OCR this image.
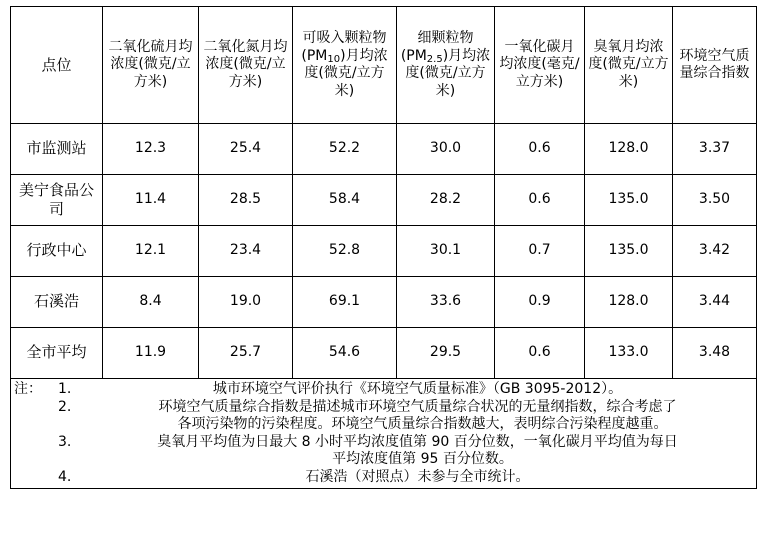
点位	二氧化硫月均浓度(微克/立方米)	二氧化氮月均浓度(微克/立方米)	可吸入颗粒物$(PM_{10})$月均浓度(微克/立方米)	细颗粒物$(PM_{2.5})$月均浓度(微克/立方米)	一氧化碳月均浓度(毫克/立方米)	臭氧月均浓度(微克/立方米)	环境空气质量综合指数
市监测站	12.3	25.4	52.2	30.0	0.6	128.0	3.37
美宁食品公司	11.4	28.5	58.4	28.2	0.6	135.0	3.50
行政中心	12.1	23.4	52.8	30.1	0.7	135.0	3.42
石溪浩	8.4	19.0	69.1	33.6	0.9	128.0	3.44
全市平均	11.9	25.7	54.6	29.5	0.6	133.0	3.48

注： 1.	城市环境空气评价执行《环境空气质量标准》（GB 3095-2012）。
2.	环境空气质量综合指数是描述城市环境空气质量综合状况的无量纲指数，综合考虑了
各项污染物的污染程度。环境空气质量综合指数越大，表明综合污染程度越重。
3.	臭氧月平均值为日最大 8 小时平均浓度值第 90 百分位数，一氧化碳月平均值为每日
平均浓度值第 95 百分位数。
4.	石溪浩（对照点）未参与全市统计。
